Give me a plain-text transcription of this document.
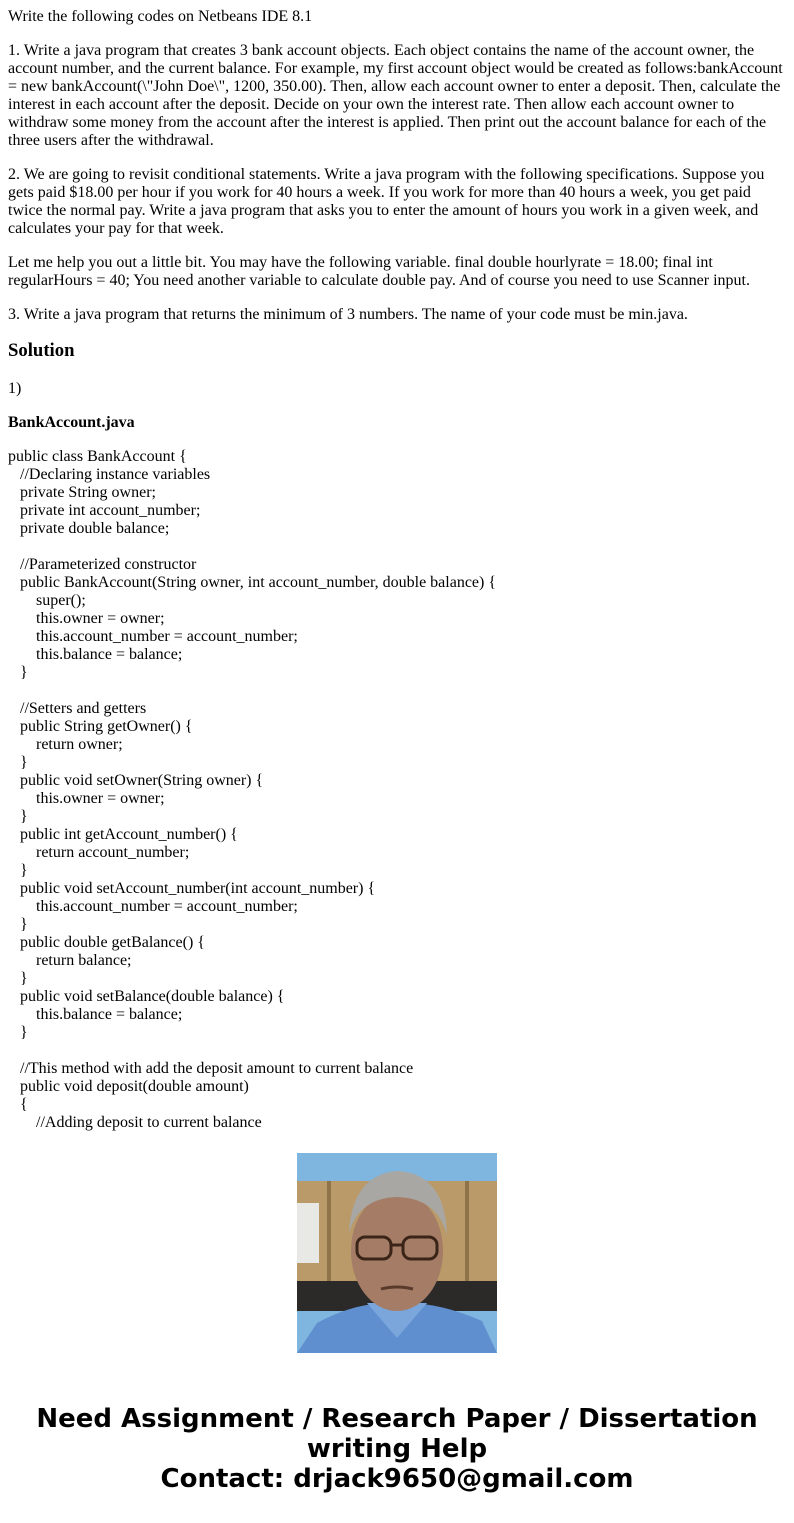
Write the following codes on Netbeans IDE 8.1

1. Write a java program that creates 3 bank account objects. Each object contains the name of the account owner, the account number, and the current balance. For example, my first account object would be created as follows:bankAccount = new bankAccount(\"John Doe\", 1200, 350.00). Then, allow each account owner to enter a deposit. Then, calculate the interest in each account after the deposit. Decide on your own the interest rate. Then allow each account owner to withdraw some money from the account after the interest is applied. Then print out the account balance for each of the three users after the withdrawal.

2. We are going to revisit conditional statements. Write a java program with the following specifications. Suppose you gets paid $18.00 per hour if you work for 40 hours a week. If you work for more than 40 hours a week, you get paid twice the normal pay. Write a java program that asks you to enter the amount of hours you work in a given week, and calculates your pay for that week.

Let me help you out a little bit. You may have the following variable. final double hourlyrate = 18.00; final int regularHours = 40; You need another variable to calculate double pay. And of course you need to use Scanner input.

3. Write a java program that returns the minimum of 3 numbers. The name of your code must be min.java.

Solution

1)

BankAccount.java

public class BankAccount {
//Declaring instance variables
private String owner;
private int account_number;
private double balance;

//Parameterized constructor
public BankAccount(String owner, int account_number, double balance) {
super();
this.owner = owner;
this.account_number = account_number;
this.balance = balance;
}

//Setters and getters
public String getOwner() {
return owner;
}
public void setOwner(String owner) {
this.owner = owner;
}
public int getAccount_number() {
return account_number;
}
public void setAccount_number(int account_number) {
this.account_number = account_number;
}
public double getBalance() {
return balance;
}
public void setBalance(double balance) {
this.balance = balance;
}

//This method with add the deposit amount to current balance
public void deposit(double amount)
{
//Adding deposit to current balance
Need Assignment / Research Paper / Dissertation writing Help
Contact: drjack9650@gmail.com
